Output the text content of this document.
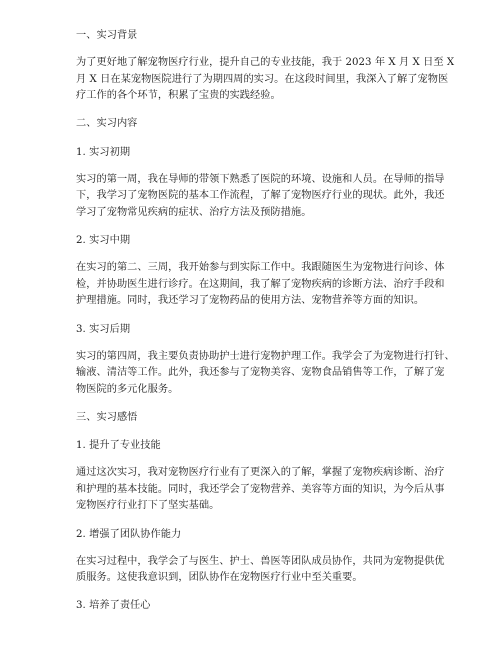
一、实习背景

为了更好地了解宠物医疗行业，提升自己的专业技能，我于 2023 年 X 月 X 日至 X
月 X 日在某宠物医院进行了为期四周的实习。在这段时间里，我深入了解了宠物医
疗工作的各个环节，积累了宝贵的实践经验。

二、实习内容

1. 实习初期

实习的第一周，我在导师的带领下熟悉了医院的环境、设施和人员。在导师的指导
下，我学习了宠物医院的基本工作流程，了解了宠物医疗行业的现状。此外，我还
学习了宠物常见疾病的症状、治疗方法及预防措施。

2. 实习中期

在实习的第二、三周，我开始参与到实际工作中。我跟随医生为宠物进行问诊、体
检，并协助医生进行诊疗。在这期间，我了解了宠物疾病的诊断方法、治疗手段和
护理措施。同时，我还学习了宠物药品的使用方法、宠物营养等方面的知识。

3. 实习后期

实习的第四周，我主要负责协助护士进行宠物护理工作。我学会了为宠物进行打针、
输液、清洁等工作。此外，我还参与了宠物美容、宠物食品销售等工作，了解了宠
物医院的多元化服务。

三、实习感悟

1. 提升了专业技能

通过这次实习，我对宠物医疗行业有了更深入的了解，掌握了宠物疾病诊断、治疗
和护理的基本技能。同时，我还学会了宠物营养、美容等方面的知识，为今后从事
宠物医疗行业打下了坚实基础。

2. 增强了团队协作能力

在实习过程中，我学会了与医生、护士、兽医等团队成员协作，共同为宠物提供优
质服务。这使我意识到，团队协作在宠物医疗行业中至关重要。

3. 培养了责任心
